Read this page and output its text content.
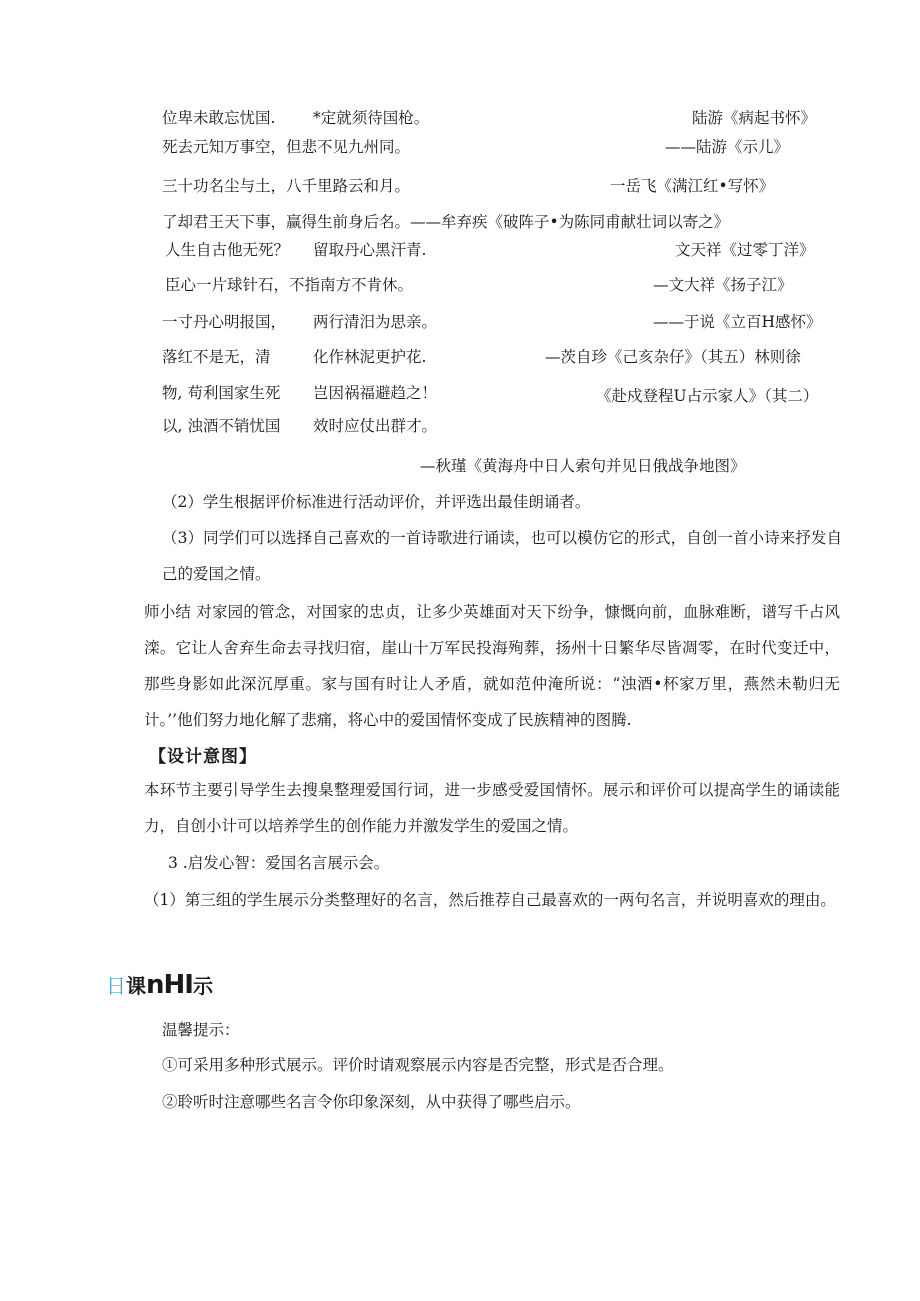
位卑未敢忘忧国. *定就须待国枪。	陆游《病起书怀》
死去元知万事空，但悲不见九州同。	——陆游《示儿》
三十功名尘与土，八千里路云和月。	一岳飞《满江红•写怀》
了却君王天下事，赢得生前身后名。——牟弃疾《破阵子•为陈同甫献壮词以寄之》
人生自古他无死？ 留取丹心黑汗青.	文天祥《过零丁洋》
臣心一片球针石，不指南方不肯休。	—文大祥《扬子江》
一寸丹心明报国， 两行清汨为思亲。	——于说《立百H感怀》
落红不是无，清	化作林泥更护花.	—茨自珍《己亥杂仔》（其五）林则徐
物, 苟利国家生死 岂因祸福避趋之！	《赴戍登程U占示家人》（其二）
以, 浊酒不销忧国 效时应仗出群才。
—秋瑾《黄海舟中日人索句并见日俄战争地图》
（2）学生根据评价标准进行活动评价，并评选出最佳朗诵者。
（3）同学们可以选择自己喜欢的一首诗歌进行诵读，也可以模仿它的形式，自创一首小诗来抒发自己的爱国之情。
师小结 对家园的管念，对国家的忠贞，让多少英雄面对天下纷争，慷慨向前，血脉难断，谱写千占风滦。它让人舍弃生命去寻找归宿，崖山十万军民投海殉葬，扬州十日繁华尽皆凋零，在时代变迁中，那些身影如此深沉厚重。家与国有时让人矛盾，就如范仲淹所说：“浊酒•杯家万里，燕然未勒归无计。’’他们努力地化解了悲痛，将心中的爱国情怀变成了民族精神的图腾.
【设计意图】
本环节主要引导学生去搜臬整理爱国行词，进一步感受爱国情怀。展示和评价可以提高学生的诵读能力，自创小计可以培养学生的创作能力并激发学生的爱国之情。
3 .启发心智：爱国名言展示会。
（1）第三组的学生展示分类整理好的名言，然后推荐自己最喜欢的一两句名言，并说明喜欢的理由。
日课nHI示
温馨提示：
①可采用多种形式展示。评价时请观察展示内容是否完整，形式是否合理。
②聆听时注意哪些名言令你印象深刻，从中获得了哪些启示。
